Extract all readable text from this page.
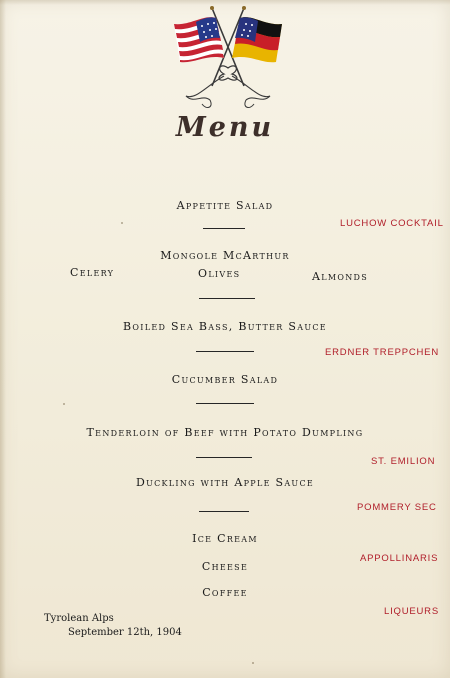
Menu
Appetite Salad
Mongole McArthur
Celery	Olives	Almonds
Boiled Sea Bass, Butter Sauce
Cucumber Salad
Tenderloin of Beef with Potato Dumpling
Duckling with Apple Sauce
Ice Cream
Cheese
Coffee
LUCHOW COCKTAIL
ERDNER TREPPCHEN
ST. EMILION
POMMERY SEC
APPOLLINARIS
LIQUEURS
Tyrolean Alps
September 12th, 1904
